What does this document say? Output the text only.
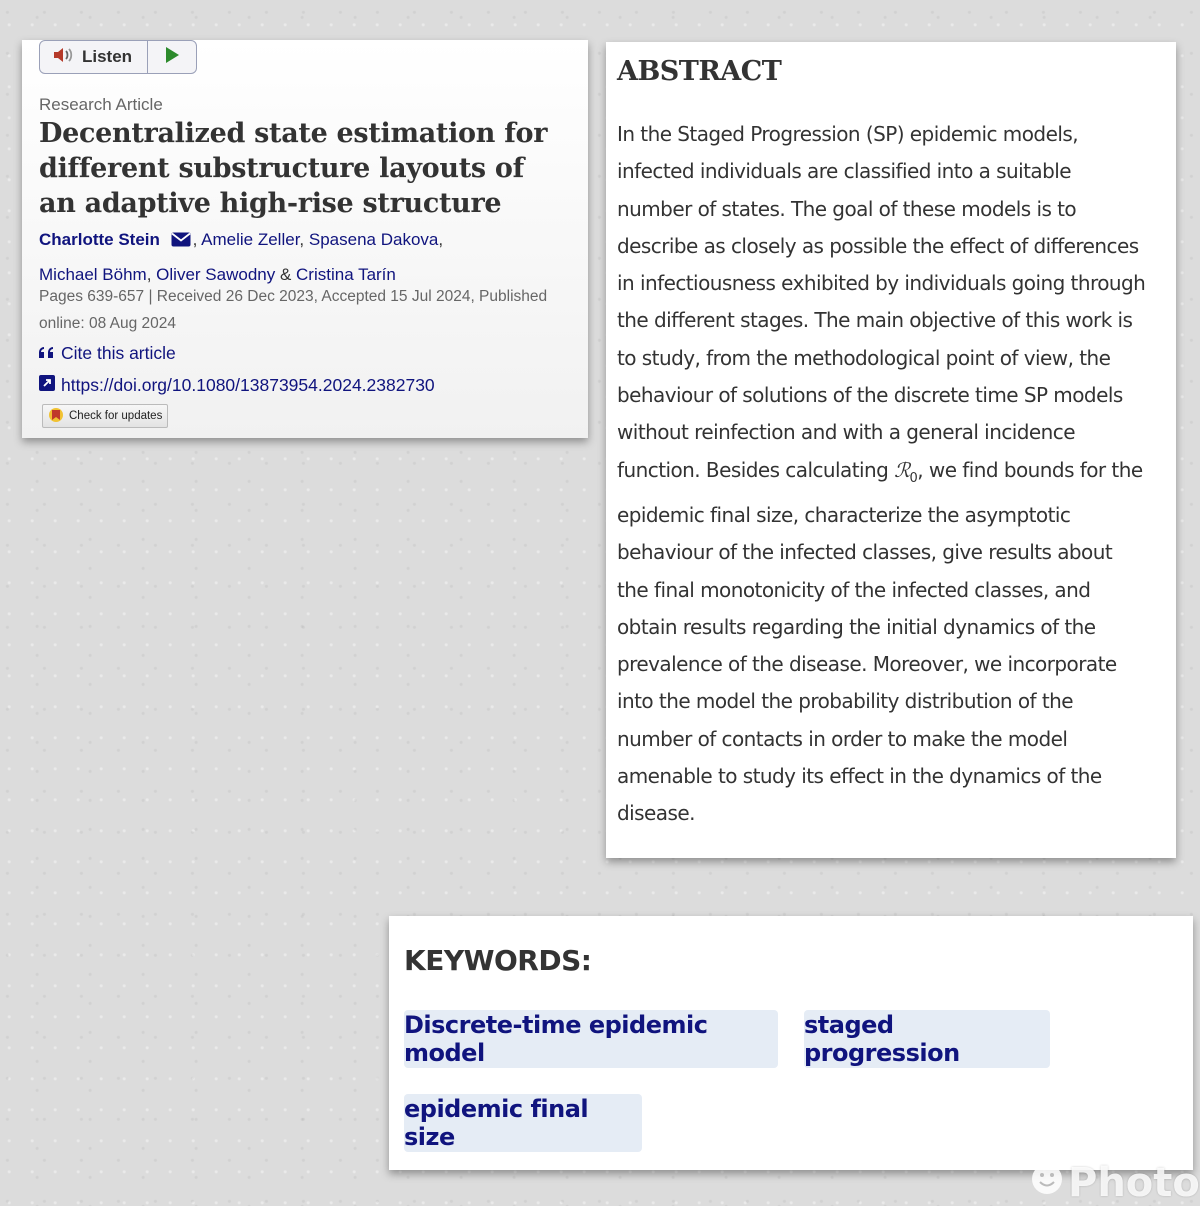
Listen
Research Article
Decentralized state estimation for different substructure layouts of an adaptive high-rise structure
Charlotte Stein , Amelie Zeller, Spasena Dakova,
Michael Böhm, Oliver Sawodny & Cristina Tarín
Pages 639-657 | Received 26 Dec 2023, Accepted 15 Jul 2024, Published online: 08 Aug 2024
Cite this article
https://doi.org/10.1080/13873954.2024.2382730
Check for updates
ABSTRACT

In the Staged Progression (SP) epidemic models, infected individuals are classified into a suitable number of states. The goal of these models is to describe as closely as possible the effect of differences in infectiousness exhibited by individuals going through the different stages. The main objective of this work is to study, from the methodological point of view, the behaviour of solutions of the discrete time SP models without reinfection and with a general incidence function. Besides calculating ℛ$_0$, we find bounds for the epidemic final size, characterize the asymptotic behaviour of the infected classes, give results about the final monotonicity of the infected classes, and obtain results regarding the initial dynamics of the prevalence of the disease. Moreover, we incorporate into the model the probability distribution of the number of contacts in order to make the model amenable to study its effect in the dynamics of the disease.

KEYWORDS:
Discrete-time epidemic model
staged progression
epidemic final size
Photo
